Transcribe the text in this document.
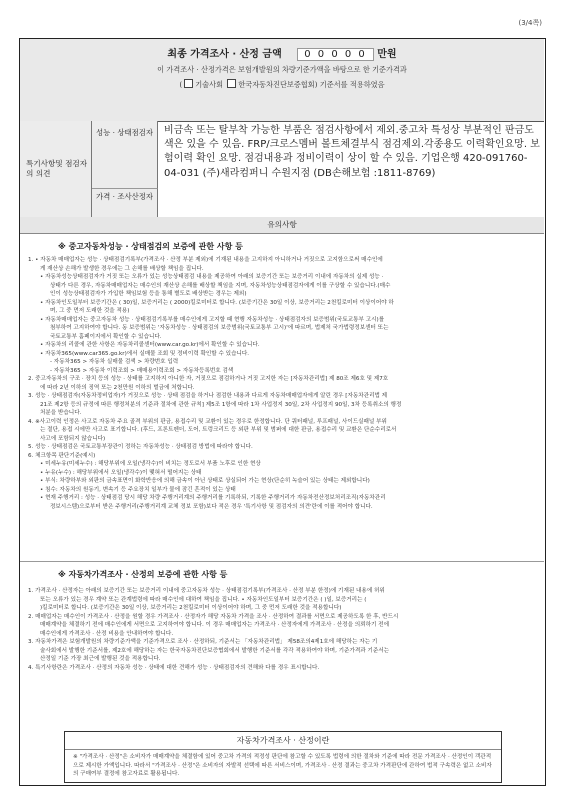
(3/4쪽)
최종 가격조사 · 산정 금액 0 0 0 0 0 만원
이 가격조사 · 산정가격은 보험개발원의 차량기준가액을 바탕으로 한 기준가격과
( 기술사회 한국자동차진단보증협회) 기준서를 적용하였음
특기사항및 점검자의 의견
성능 · 상태점검자
가격 · 조사산정자
비금속 또는 탈부착 가능한 부품은 점검사항에서 제외.중고차 특성상 부분적인 판금도색은 있을 수 있음. FRP/크로스멤버 볼트체결부식 점검제외.각종용도 이력확인요망. 보험이력 확인 요망. 점검내용과 정비이력이 상이 할 수 있음. 기업은행 420-091760-04-031 (주)새라컴퍼니 수원지점 (DB손해보험 :1811-8769)
유의사항
※ 중고자동차성능 · 상태점검의 보증에 관한 사항 등

1. • 자동차 매매업자는 성능 · 상태점검기록부(가격조사 · 산정 부분 제외)에 기재된 내용을 고지하지 아니하거나 거짓으로 고지함으로써 매수인에

게 재산상 손해가 발생한 경우에는 그 손해를 배상할 책임을 집니다.

• 자동차성능상태점검자가 거짓 또는 오류가 있는 성능상태점검 내용을 제공하여 아래의 보증기간 또는 보증거리 이내에 자동차의 실제 성능 ·

상태가 다른 경우, 자동차매매업자는 매수인의 재산상 손해를 배상할 책임을 지며, 자동차성능상태점검자에게 이를 구상할 수 있습니다.(매수

인이 성능상태점검자가 가입한 책임보험 등을 통해 별도로 배상받는 경우는 제외)

• 자동차인도일부터 보증기간은 ( 30)일, 보증거리는 ( 2000)킬로미터로 합니다. (보증기간은 30일 이상, 보증거리는 2천킬로미터 이상이어야 하

며, 그 중 먼저 도래한 것을 적용)

• 자동차매매업자는 중고자동차 성능 · 상태점검기록부를 매수인에게 고지할 때 현행 자동차성능 · 상태점검자의 보증범위(국토교통부 고시)를

첨부하여 고지하여야 합니다. 동 보증범위는 '자동차성능 · 상태점검의 보증범위(국토교통부 고시)'에 따르며, 법제처 국가법령정보센터 또는

국토교통부 홈페이지에서 확인할 수 있습니다.

• 자동차의 리콜에 관한 사항은 자동차리콜센터(www.car.go.kr)에서 확인할 수 있습니다.

• 자동차365(www.car365.go.kr)에서 실매물 조회 및 정비이력 확인할 수 있습니다.

- 자동차365 > 자동차 실매물 검색 > 차량번호 입력

- 자동차365 > 자동차 이력조회 > 매매용이력조회 > 자동차등록번호 검색

2. 중고자동차의 구조 · 장치 등의 성능 · 상태를 고지하지 아니한 자, 거짓으로 점검하거나 거짓 고지한 자는 [자동차관리법] 제 80조 제6호 및 제7호

에 따라 2년 이하의 징역 또는 2천만원 이하의 벌금에 처합니다.

3. 성능 · 상태점검자(자동차정비업자)가 거짓으로 성능 · 상태 점검을 하거나 점검한 내용과 다르게 자동차매매업자에게 알린 경우 [자동차관리법 제

21조 제2항 등의 규정에 따른 행정처분의 기준과 절차에 관한 규칙] 제5조 1항에 따라 1차 사업정지 30일, 2차 사업정지 90일, 3차 등록취소의 행정

처분을 받습니다.

4. ※사고이력 인정은 사고로 자동차 주요 골격 부위의 판금, 용접수리 및 교환이 있는 경우로 한정합니다. 단 쿼터패널, 루프패널, 사이드실패널 부위

는 절단, 용접 시에만 사고로 표기합니다. (후드, 프론트펜더, 도어, 트렁크리드 등 외판 부위 및 범퍼에 대한 판금, 용접수리 및 교환은 단순수리로서

사고에 포함되지 않습니다)

5. 성능 · 상태점검은 국토교통부장관이 정하는 자동차성능 · 상태점검 방법에 따라야 합니다.

6. 체크항목 판단기준(예시)

• 미세누유(미세누수) : 해당부위에 오일(냉각수)이 비치는 정도로서 부품 노후로 인한 현상

• 누유(누수) : 해당부위에서 오일(냉각수)이 맺혀서 떨어지는 상태

• 부식: 차량하부와 외판의 금속표면이 화학반응에 의해 금속이 아닌 상태로 상실되어 가는 현상(단순히 녹슬어 있는 상태는 제외합니다)

• 침수: 자동차의 원동기, 변속기 등 주요장치 일부가 물에 잠긴 흔적이 있는 상태

• 현재 주행거리 : 성능 · 상태점검 당시 해당 차량 주행거리계의 주행거리를 기록하되, 기록한 주행거리가 자동차전산정보처리조직(자동차관리

정보시스템)으로부터 받은 주행거리(주행거리계 교체 정보 포함)보다 적은 경우 '특기사항 및 점검자의 의견'란에 이를 적어야 합니다.

※ 자동차가격조사 · 산정의 보증에 관한 사항 등

1. 가격조사 · 산정자는 아래의 보증기간 또는 보증거리 이내에 중고자동차 성능 · 상태점검기록부(가격조사 · 산정 부분 한정)에 기재된 내용에 허위

또는 오류가 있는 경우 계약 또는 관계법령에 따라 매수인에 대하여 책임을 집니다. • 자동차인도일부터 보증기간은 ( )일, 보증거리는 (

)킬로미터로 합니다. (보증기간은 30일 이상, 보증거리는 2천킬로미터 이상이어야 하며, 그 중 먼저 도래한 것을 적용합니다)

2. 매매업자는 매수인이 가격조사 · 산정을 원할 경우 가격조사 · 산정자가 해당 자동차 가격을 조사 · 산정하여 결과를 서면으로 제공하도록 한 후, 반드시

매매계약을 체결하기 전에 매수인에게 서면으로 고지하여야 합니다. 이 경우 매매업자는 가격조사 · 산정자에게 가격조사 · 산정을 의뢰하기 전에

매수인에게 가격조사 · 산정 비용을 안내하여야 합니다.

3. 자동차가격은 보험개발원의 차량기준가액을 기준가격으로 조사 · 산정하되, 기준서는 「자동차관리법」 제58조의4제1호에 해당하는 자는 기

술사회에서 발행한 기준서를, 제2호에 해당하는 자는 한국자동차진단보증협회에서 발행한 기준서를 각각 적용하여야 하며, 기준가격과 기준서는

산정일 기준 가장 최근에 발행된 것을 적용합니다.

4. 특기사항란은 가격조사 · 산정의 자동차 성능 · 상태에 대한 견해가 성능 · 상태점검자의 견해와 다를 경우 표시합니다.

자동차가격조사 · 산정이란
※ "가격조사 · 산정"은 소비자가 매매계약을 체결함에 있어 중고차 가격의 적정성 판단에 참고할 수 있도록 법령에 의한 절차와 기준에 따라 전문 가격조사 · 산정인이 객관적으로 제시한 가액입니다. 따라서 "가격조사 · 산정"은 소비자의 자발적 선택에 따른 서비스이며, 가격조사 · 산정 결과는 중고차 가격판단에 관하여 법적 구속력은 없고 소비자의 구매여부 결정에 참고자료로 활용됩니다.
